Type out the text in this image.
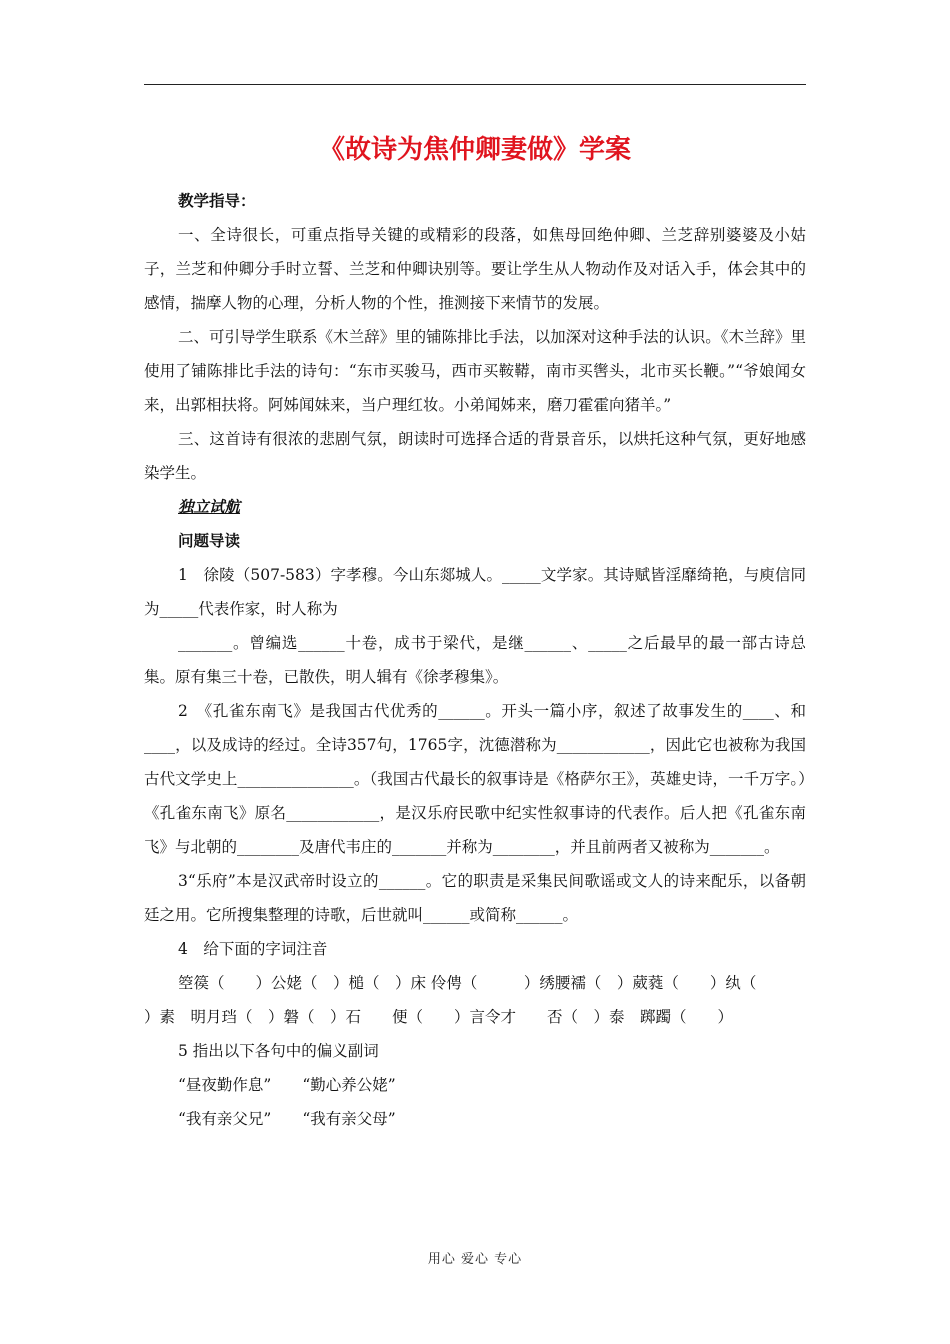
《故诗为焦仲卿妻做》学案

教学指导：

一、全诗很长，可重点指导关键的或精彩的段落，如焦母回绝仲卿、兰芝辞别婆婆及小姑子，兰芝和仲卿分手时立誓、兰芝和仲卿诀别等。要让学生从人物动作及对话入手，体会其中的感情，揣摩人物的心理，分析人物的个性，推测接下来情节的发展。

二、可引导学生联系《木兰辞》里的铺陈排比手法，以加深对这种手法的认识。《木兰辞》里使用了铺陈排比手法的诗句：“东市买骏马，西市买鞍鞯，南市买辔头，北市买长鞭。”“爷娘闻女来，出郭相扶将。阿姊闻妹来，当户理红妆。小弟闻姊来，磨刀霍霍向猪羊。”

三、这首诗有很浓的悲剧气氛，朗读时可选择合适的背景音乐，以烘托这种气氛，更好地感染学生。

独立试航

问题导读

1　徐陵（507-583）字孝穆。今山东郯城人。_____文学家。其诗赋皆淫靡绮艳，与庾信同为_____代表作家，时人称为

_______。曾编选______十卷，成书于梁代，是继______、_____之后最早的最一部古诗总集。原有集三十卷，已散佚，明人辑有《徐孝穆集》。

2　《孔雀东南飞》是我国古代优秀的______。开头一篇小序，叙述了故事发生的____、和____，以及成诗的经过。全诗357句，1765字，沈德潜称为____________，因此它也被称为我国古代文学史上_______________。（我国古代最长的叙事诗是《格萨尔王》，英雄史诗，一千万字。）《孔雀东南飞》原名____________，是汉乐府民歌中纪实性叙事诗的代表作。后人把《孔雀东南飞》与北朝的________及唐代韦庄的_______并称为________，并且前两者又被称为_______。

3“乐府”本是汉武帝时设立的______。它的职责是采集民间歌谣或文人的诗来配乐，以备朝廷之用。它所搜集整理的诗歌，后世就叫______或简称______。

4　给下面的字词注音

箜篌（　　）公姥（　）槌（　）床 伶俜（　　　）绣腰襦（　）葳蕤（　　）纨（

）素　明月珰（　）磐（　）石　　便（　　）言令才　　否（　）泰　踯躅（　　）

5 指出以下各句中的偏义副词

“昼夜勤作息”　　“勤心养公姥”

“我有亲父兄”　　“我有亲父母”

用心 爱心 专心
